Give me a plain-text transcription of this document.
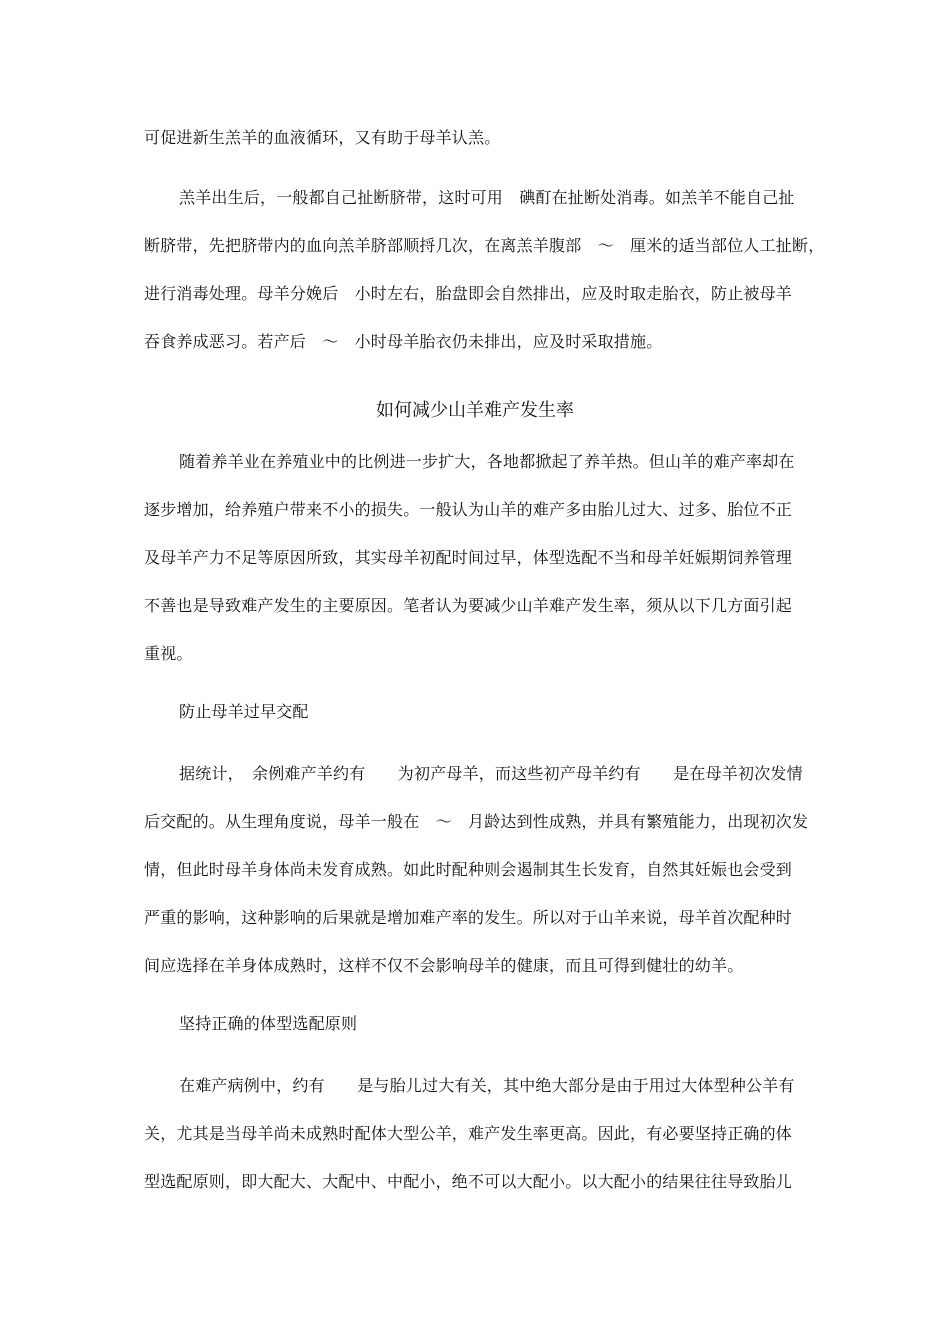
可促进新生羔羊的血液循环，又有助于母羊认羔。
羔羊出生后，一般都自己扯断脐带，这时可用　碘酊在扯断处消毒。如羔羊不能自己扯
断脐带，先把脐带内的血向羔羊脐部顺捋几次，在离羔羊腹部　～　厘米的适当部位人工扯断，
进行消毒处理。母羊分娩后　小时左右，胎盘即会自然排出，应及时取走胎衣，防止被母羊
吞食养成恶习。若产后　～　小时母羊胎衣仍未排出，应及时采取措施。
如何减少山羊难产发生率
随着养羊业在养殖业中的比例进一步扩大，各地都掀起了养羊热。但山羊的难产率却在
逐步增加，给养殖户带来不小的损失。一般认为山羊的难产多由胎儿过大、过多、胎位不正
及母羊产力不足等原因所致，其实母羊初配时间过早，体型选配不当和母羊妊娠期饲养管理
不善也是导致难产发生的主要原因。笔者认为要减少山羊难产发生率，须从以下几方面引起
重视。
防止母羊过早交配
据统计，　余例难产羊约有　　为初产母羊，而这些初产母羊约有　　是在母羊初次发情
后交配的。从生理角度说，母羊一般在　～　月龄达到性成熟，并具有繁殖能力，出现初次发
情，但此时母羊身体尚未发育成熟。如此时配种则会遏制其生长发育，自然其妊娠也会受到
严重的影响，这种影响的后果就是增加难产率的发生。所以对于山羊来说，母羊首次配种时
间应选择在羊身体成熟时，这样不仅不会影响母羊的健康，而且可得到健壮的幼羊。
坚持正确的体型选配原则
在难产病例中，约有　　是与胎儿过大有关，其中绝大部分是由于用过大体型种公羊有
关，尤其是当母羊尚未成熟时配体大型公羊，难产发生率更高。因此，有必要坚持正确的体
型选配原则，即大配大、大配中、中配小，绝不可以大配小。以大配小的结果往往导致胎儿
